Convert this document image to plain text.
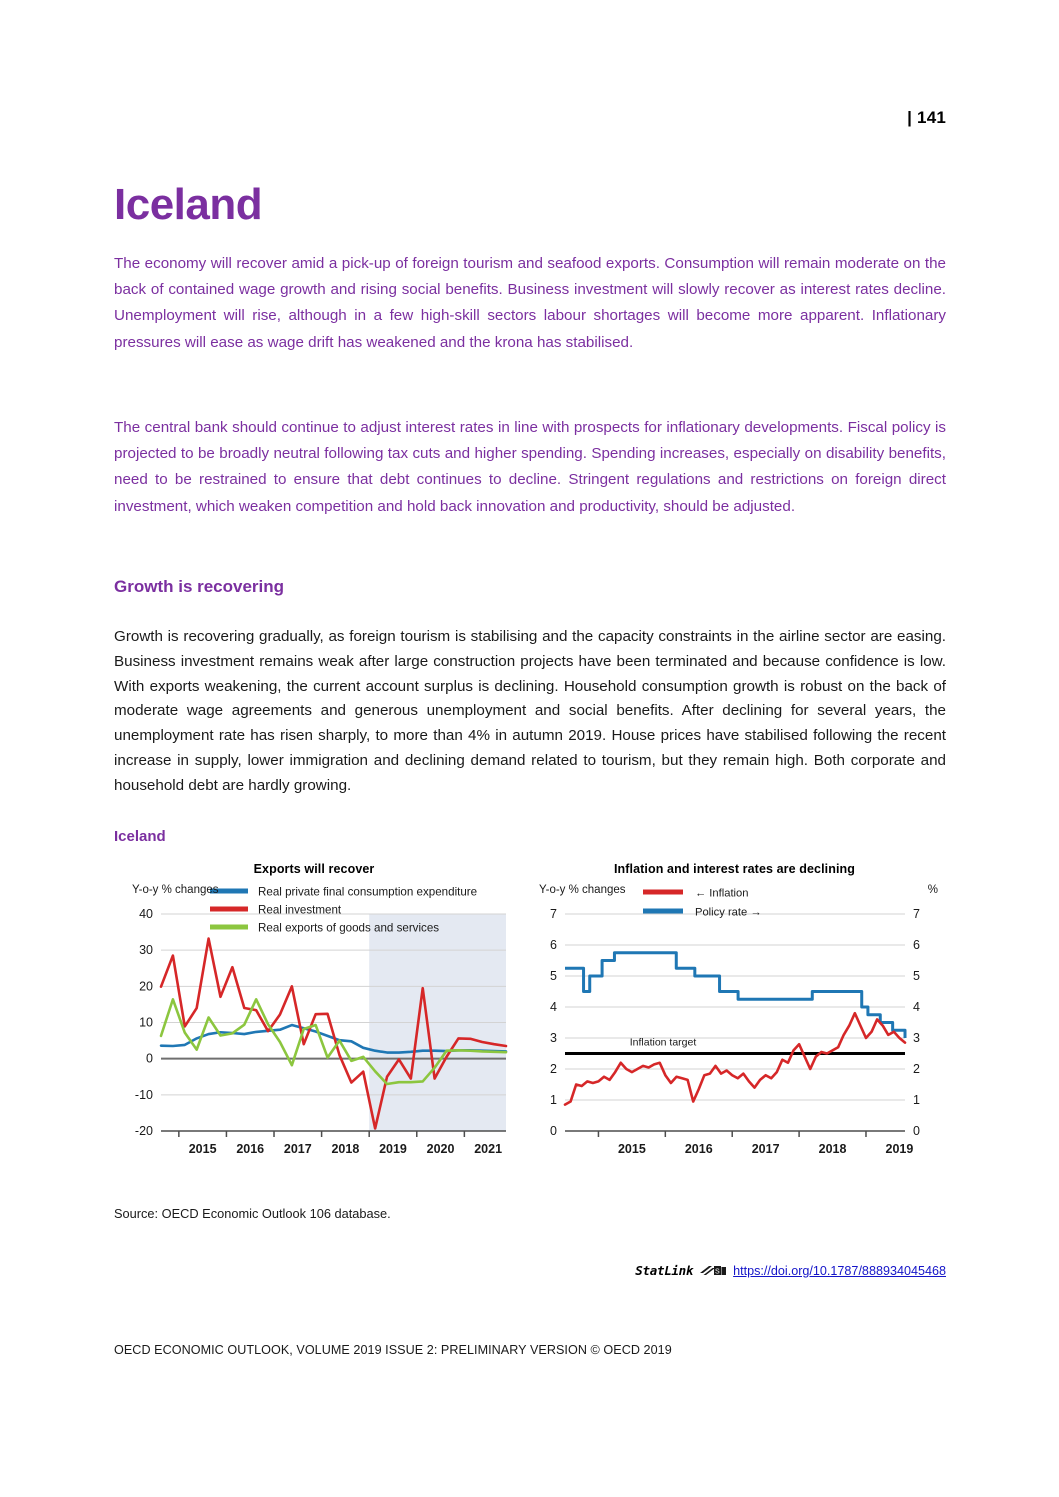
| 141
Iceland

The economy will recover amid a pick-up of foreign tourism and seafood exports. Consumption will remain moderate on the back of contained wage growth and rising social benefits. Business investment will slowly recover as interest rates decline. Unemployment will rise, although in a few high-skill sectors labour shortages will become more apparent. Inflationary pressures will ease as wage drift has weakened and the krona has stabilised.

The central bank should continue to adjust interest rates in line with prospects for inflationary developments. Fiscal policy is projected to be broadly neutral following tax cuts and higher spending. Spending increases, especially on disability benefits, need to be restrained to ensure that debt continues to decline. Stringent regulations and restrictions on foreign direct investment, which weaken competition and hold back innovation and productivity, should be adjusted.

Growth is recovering

Growth is recovering gradually, as foreign tourism is stabilising and the capacity constraints in the airline sector are easing. Business investment remains weak after large construction projects have been terminated and because confidence is low. With exports weakening, the current account surplus is declining. Household consumption growth is robust on the back of moderate wage agreements and generous unemployment and social benefits. After declining for several years, the unemployment rate has risen sharply, to more than 4% in autumn 2019. House prices have stabilised following the recent increase in supply, lower immigration and declining demand related to tourism, but they remain high. Both corporate and household debt are hardly growing.

Iceland
Exports will recover
Y-o-y % changes
-20
-10
0
10
20
30
40
2015 2016 2017 2018 2019 2020 2021
Real private final consumption expenditure
Real investment
Real exports of goods and services
Inflation and interest rates are declining
Y-o-y % changes	%
0	0
1	1
2	2
3	3
4	4
5	5
6	6
7	7
Inflation target
2015	2016	2017	2018	2019
← Inflation
Policy rate →
Source: OECD Economic Outlook 106 database.
StatLink	S https://doi.org/10.1787/888934045468
OECD ECONOMIC OUTLOOK, VOLUME 2019 ISSUE 2: PRELIMINARY VERSION © OECD 2019
